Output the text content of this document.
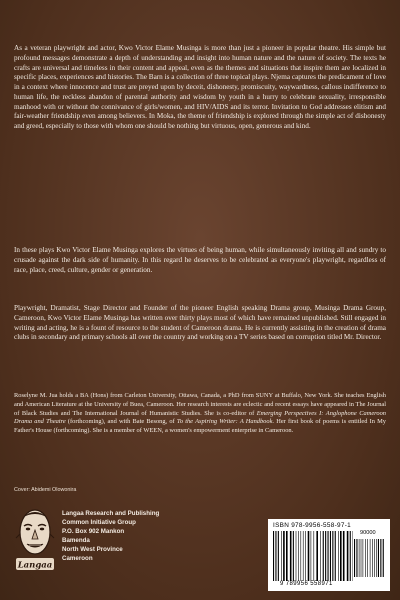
As a veteran playwright and actor, Kwo Victor Elame Musinga is more than just a pioneer in popular theatre. His simple but profound messages demonstrate a depth of understanding and insight into human nature and the nature of society. The texts he crafts are universal and timeless in their content and appeal, even as the themes and situations that inspire them are localized in specific places, experiences and histories. The Barn is a collection of three topical plays. Njema captures the predicament of love in a context where innocence and trust are preyed upon by deceit, dishonesty, promiscuity, waywardness, callous indifference to human life, the reckless abandon of parental authority and wisdom by youth in a hurry to celebrate sexuality, irresponsible manhood with or without the connivance of girls/women, and HIV/AIDS and its terror. Invitation to God addresses elitism and fair-weather friendship even among believers. In Moka, the theme of friendship is explored through the simple act of dishonesty and greed, especially to those with whom one should be nothing but virtuous, open, generous and kind.

In these plays Kwo Victor Elame Musinga explores the virtues of being human, while simultaneously inviting all and sundry to crusade against the dark side of humanity. In this regard he deserves to be celebrated as everyone's playwright, regardless of race, place, creed, culture, gender or generation.

Playwright, Dramatist, Stage Director and Founder of the pioneer English speaking Drama group, Musinga Drama Group, Cameroon, Kwo Victor Elame Musinga has written over thirty plays most of which have remained unpublished. Still engaged in writing and acting, he is a fount of resource to the student of Cameroon drama. He is currently assisting in the creation of drama clubs in secondary and primary schools all over the country and working on a TV series based on corruption titled Mr. Director.

Roselyne M. Jua holds a BA (Hons) from Carleton University, Ottawa, Canada, a PhD from SUNY at Buffalo, New York. She teaches English and American Literature at the University of Buea, Cameroon. Her research interests are eclectic and recent essays have appeared in The Journal of Black Studies and The International Journal of Humanistic Studies. She is co-editor of Emerging Perspectives I: Anglophone Cameroon Drama and Theatre (forthcoming), and with Bate Besong, of To the Aspiring Writer: A Handbook. Her first book of poems is entitled In My Father's House (forthcoming). She is a member of WEEN, a women's empowerment enterprise in Cameroon.

Cover: Abidemi Olowonira
Langaa

Langaa Research and Publishing
Common Initiative Group
P.O. Box 902 Mankon
Bamenda
North West Province
Cameroon

ISBN 978-9956-558-97-1
90000
9 789956 558971
